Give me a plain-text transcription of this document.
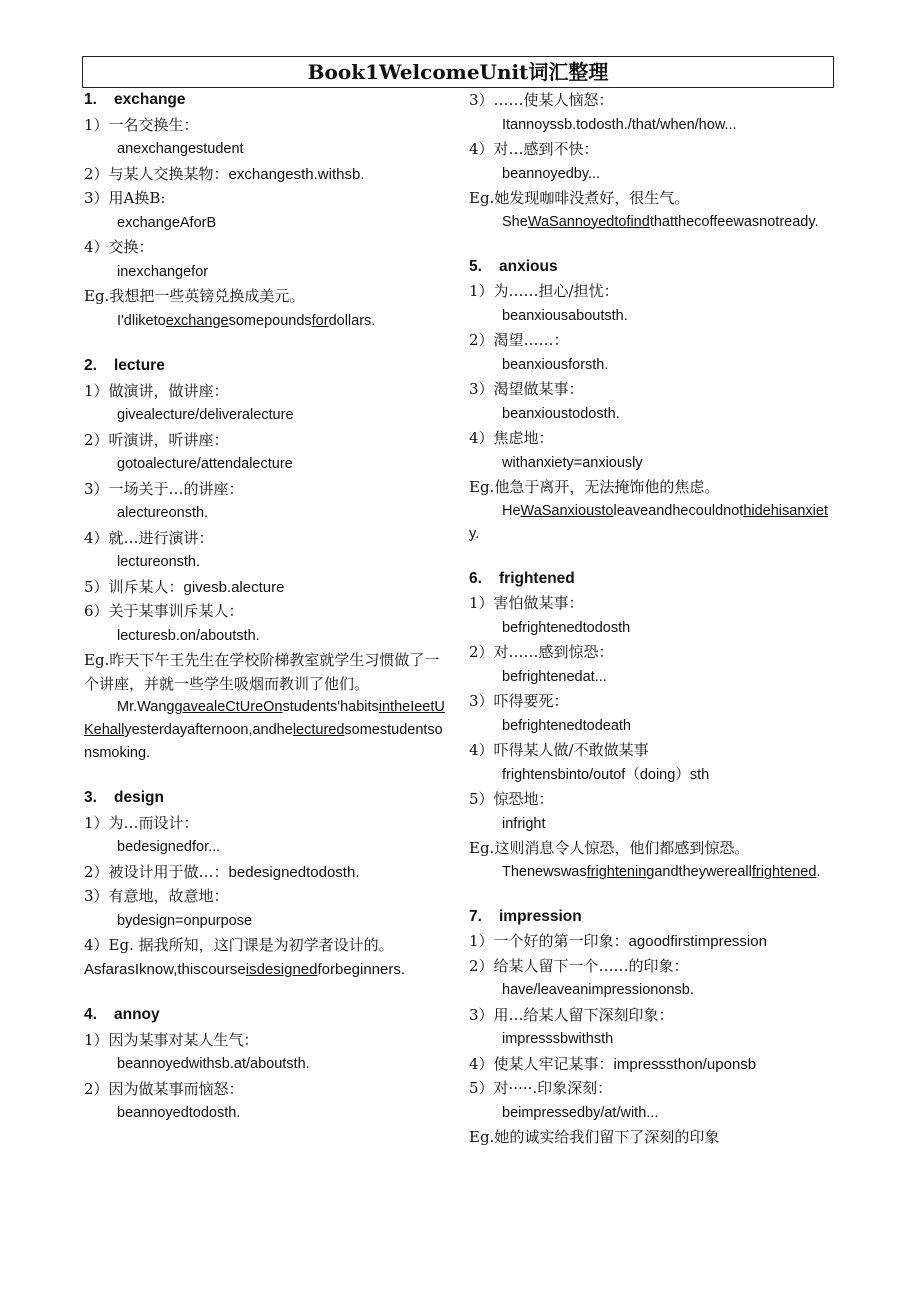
Book1WelcomeUnit词汇整理
1. exchange
1）一名交换生：
anexchangestudent
2）与某人交换某物：exchangesth.withsb.
3）用A换B:
exchangeAforB
4）交换：
inexchangefor
Eg.我想把一些英镑兑换成美元。
I'dliketoexchangesomepoundsfordollars.
2. lecture
1）做演讲，做讲座：
givealecture/deliveralecture
2）听演讲，听讲座：
gotoalecture/attendalecture
3）一场关于…的讲座：
alectureonsth.
4）就…进行演讲：
lectureonsth.
5）训斥某人：givesb.alecture
6）关于某事训斥某人：
lecturesb.on/aboutsth.
Eg.昨天下午王先生在学校阶梯教室就学生习惯做了一个讲座，并就一些学生吸烟而教训了他们。
Mr.WanggavealeCtUreOnstudents'habitsintheIeetUKehallyesterdayafternoon,andhelecturedsomestudentsonsmoking.
3. design
1）为…而设计：
bedesignedfor...
2）被设计用于做…：bedesignedtodosth.
3）有意地，故意地：
bydesign=onpurpose
4）Eg. 据我所知，这门课是为初学者设计的。AsfarasIknow,thiscourseisdesignedforbeginners.
4. annoy
1）因为某事对某人生气：
beannoyedwithsb.at/aboutsth.
2）因为做某事而恼怒：
beannoyedtodosth.
3）……使某人恼怒：
Itannoyssb.todosth./that/when/how...
4）对…感到不快：
beannoyedby...
Eg.她发现咖啡没煮好，很生气。
SheWaSannoyedtofindthatthecoffeewasnotready.
5. anxious
1）为……担心/担忧：
beanxiousaboutsth.
2）渴望……：
beanxiousforsth.
3）渴望做某事：
beanxioustodosth.
4）焦虑地：
withanxiety=anxiously
Eg.他急于离开，无法掩饰他的焦虑。
HeWaSanxioustoleaveandhecouldnothidehisanxiety.
6. frightened
1）害怕做某事：
befrightenedtodosth
2）对……感到惊恐：
befrightenedat...
3）吓得要死：
befrightenedtodeath
4）吓得某人做/不敢做某事
frightensbinto/outof（doing）sth
5）惊恐地：
infright
Eg.这则消息令人惊恐，他们都感到惊恐。
Thenewswasfrighteningandtheywereallfrightened.
7. impression
1）一个好的第一印象：agoodfirstimpression
2）给某人留下一个……的印象：
have/leaveanimpressiononsb.
3）用…给某人留下深刻印象：
impresssbwithsth
4）使某人牢记某事：impresssthon/uponsb
5）对·····.印象深刻：
beimpressedby/at/with...
Eg.她的诚实给我们留下了深刻的印象
